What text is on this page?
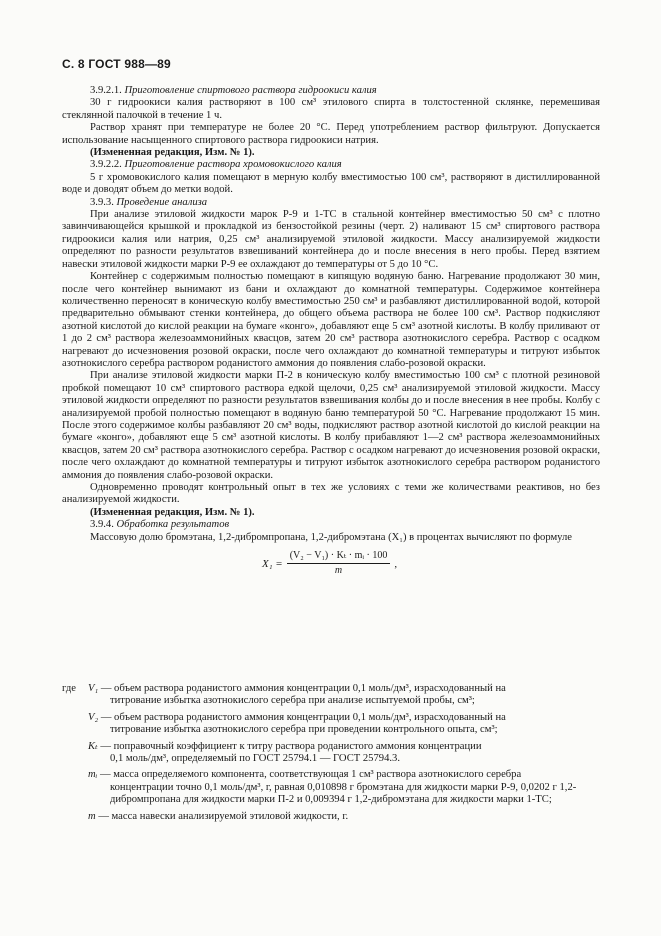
С. 8 ГОСТ 988—89

3.9.2.1. Приготовление спиртового раствора гидроокиси калия

30 г гидроокиси калия растворяют в 100 см³ этилового спирта в толстостенной склянке, перемешивая стеклянной палочкой в течение 1 ч.

Раствор хранят при температуре не более 20 °С. Перед употреблением раствор фильтруют. Допускается использование насыщенного спиртового раствора гидроокиси натрия.

(Измененная редакция, Изм. № 1).

3.9.2.2. Приготовление раствора хромовокислого калия

5 г хромовокислого калия помещают в мерную колбу вместимостью 100 см³, растворяют в дистиллированной воде и доводят объем до метки водой.

3.9.3. Проведение анализа

При анализе этиловой жидкости марок Р-9 и 1-ТС в стальной контейнер вместимостью 50 см³ с плотно завинчивающейся крышкой и прокладкой из бензостойкой резины (черт. 2) наливают 15 см³ спиртового раствора гидроокиси калия или натрия, 0,25 см³ анализируемой этиловой жидкости. Массу анализируемой жидкости определяют по разности результатов взвешиваний контейнера до и после внесения в него пробы. Перед взятием навески этиловой жидкости марки Р-9 ее охлаждают до температуры от 5 до 10 °С.

Контейнер с содержимым полностью помещают в кипящую водяную баню. Нагревание продолжают 30 мин, после чего контейнер вынимают из бани и охлаждают до комнатной температуры. Содержимое контейнера количественно переносят в коническую колбу вместимостью 250 см³ и разбавляют дистиллированной водой, которой предварительно обмывают стенки контейнера, до общего объема раствора не более 100 см³. Раствор подкисляют азотной кислотой до кислой реакции на бумаге «конго», добавляют еще 5 см³ азотной кислоты. В колбу приливают от 1 до 2 см³ раствора железоаммонийных квасцов, затем 20 см³ раствора азотнокислого серебра. Раствор с осадком нагревают до исчезновения розовой окраски, после чего охлаждают до комнатной температуры и титруют избыток азотнокислого серебра раствором роданистого аммония до появления слабо-розовой окраски.

При анализе этиловой жидкости марки П-2 в коническую колбу вместимостью 100 см³ с плотной резиновой пробкой помещают 10 см³ спиртового раствора едкой щелочи, 0,25 см³ анализируемой этиловой жидкости. Массу этиловой жидкости определяют по разности результатов взвешивания колбы до и после внесения в нее пробы. Колбу с анализируемой пробой полностью помещают в водяную баню температурой 50 °С. Нагревание продолжают 15 мин. После этого содержимое колбы разбавляют 20 см³ воды, подкисляют раствор азотной кислотой до кислой реакции на бумаге «конго», добавляют еще 5 см³ азотной кислоты. В колбу прибавляют 1—2 см³ раствора железоаммонийных квасцов, затем 20 см³ раствора азотнокислого серебра. Раствор с осадком нагревают до исчезновения розовой окраски, после чего охлаждают до комнатной температуры и титруют избыток азотнокислого серебра раствором роданистого аммония до появления слабо-розовой окраски.

Одновременно проводят контрольный опыт в тех же условиях с теми же количествами реактивов, но без анализируемой жидкости.

(Измененная редакция, Изм. № 1).

3.9.4. Обработка результатов

Массовую долю бромэтана, 1,2-дибромпропана, 1,2-дибромэтана (X₁) в процентах вычисляют по формуле

$X_1 = \frac{\text{(V₂ − V₁) · Kₜ · mᵢ · 100}}{m}$ ,
где	V₁ — объем раствора роданистого аммония концентрации 0,1 моль/дм³, израсходованный на
титрование избытка азотнокислого серебра при анализе испытуемой пробы, см³;
V₂ — объем раствора роданистого аммония концентрации 0,1 моль/дм³, израсходованный на
титрование избытка азотнокислого серебра при проведении контрольного опыта, см³;
Kₜ — поправочный коэффициент к титру раствора роданистого аммония концентрации
0,1 моль/дм³, определяемый по ГОСТ 25794.1 — ГОСТ 25794.3.
mᵢ — масса определяемого компонента, соответствующая 1 см³ раствора азотнокислого серебра
концентрации точно 0,1 моль/дм³, г, равная 0,010898 г бромэтана для жидкости марки Р-9, 0,0202 г 1,2-дибромпропана для жидкости марки П-2 и 0,009394 г 1,2-дибромэтана для жидкости марки 1-ТС;
m — масса навески анализируемой этиловой жидкости, г.
